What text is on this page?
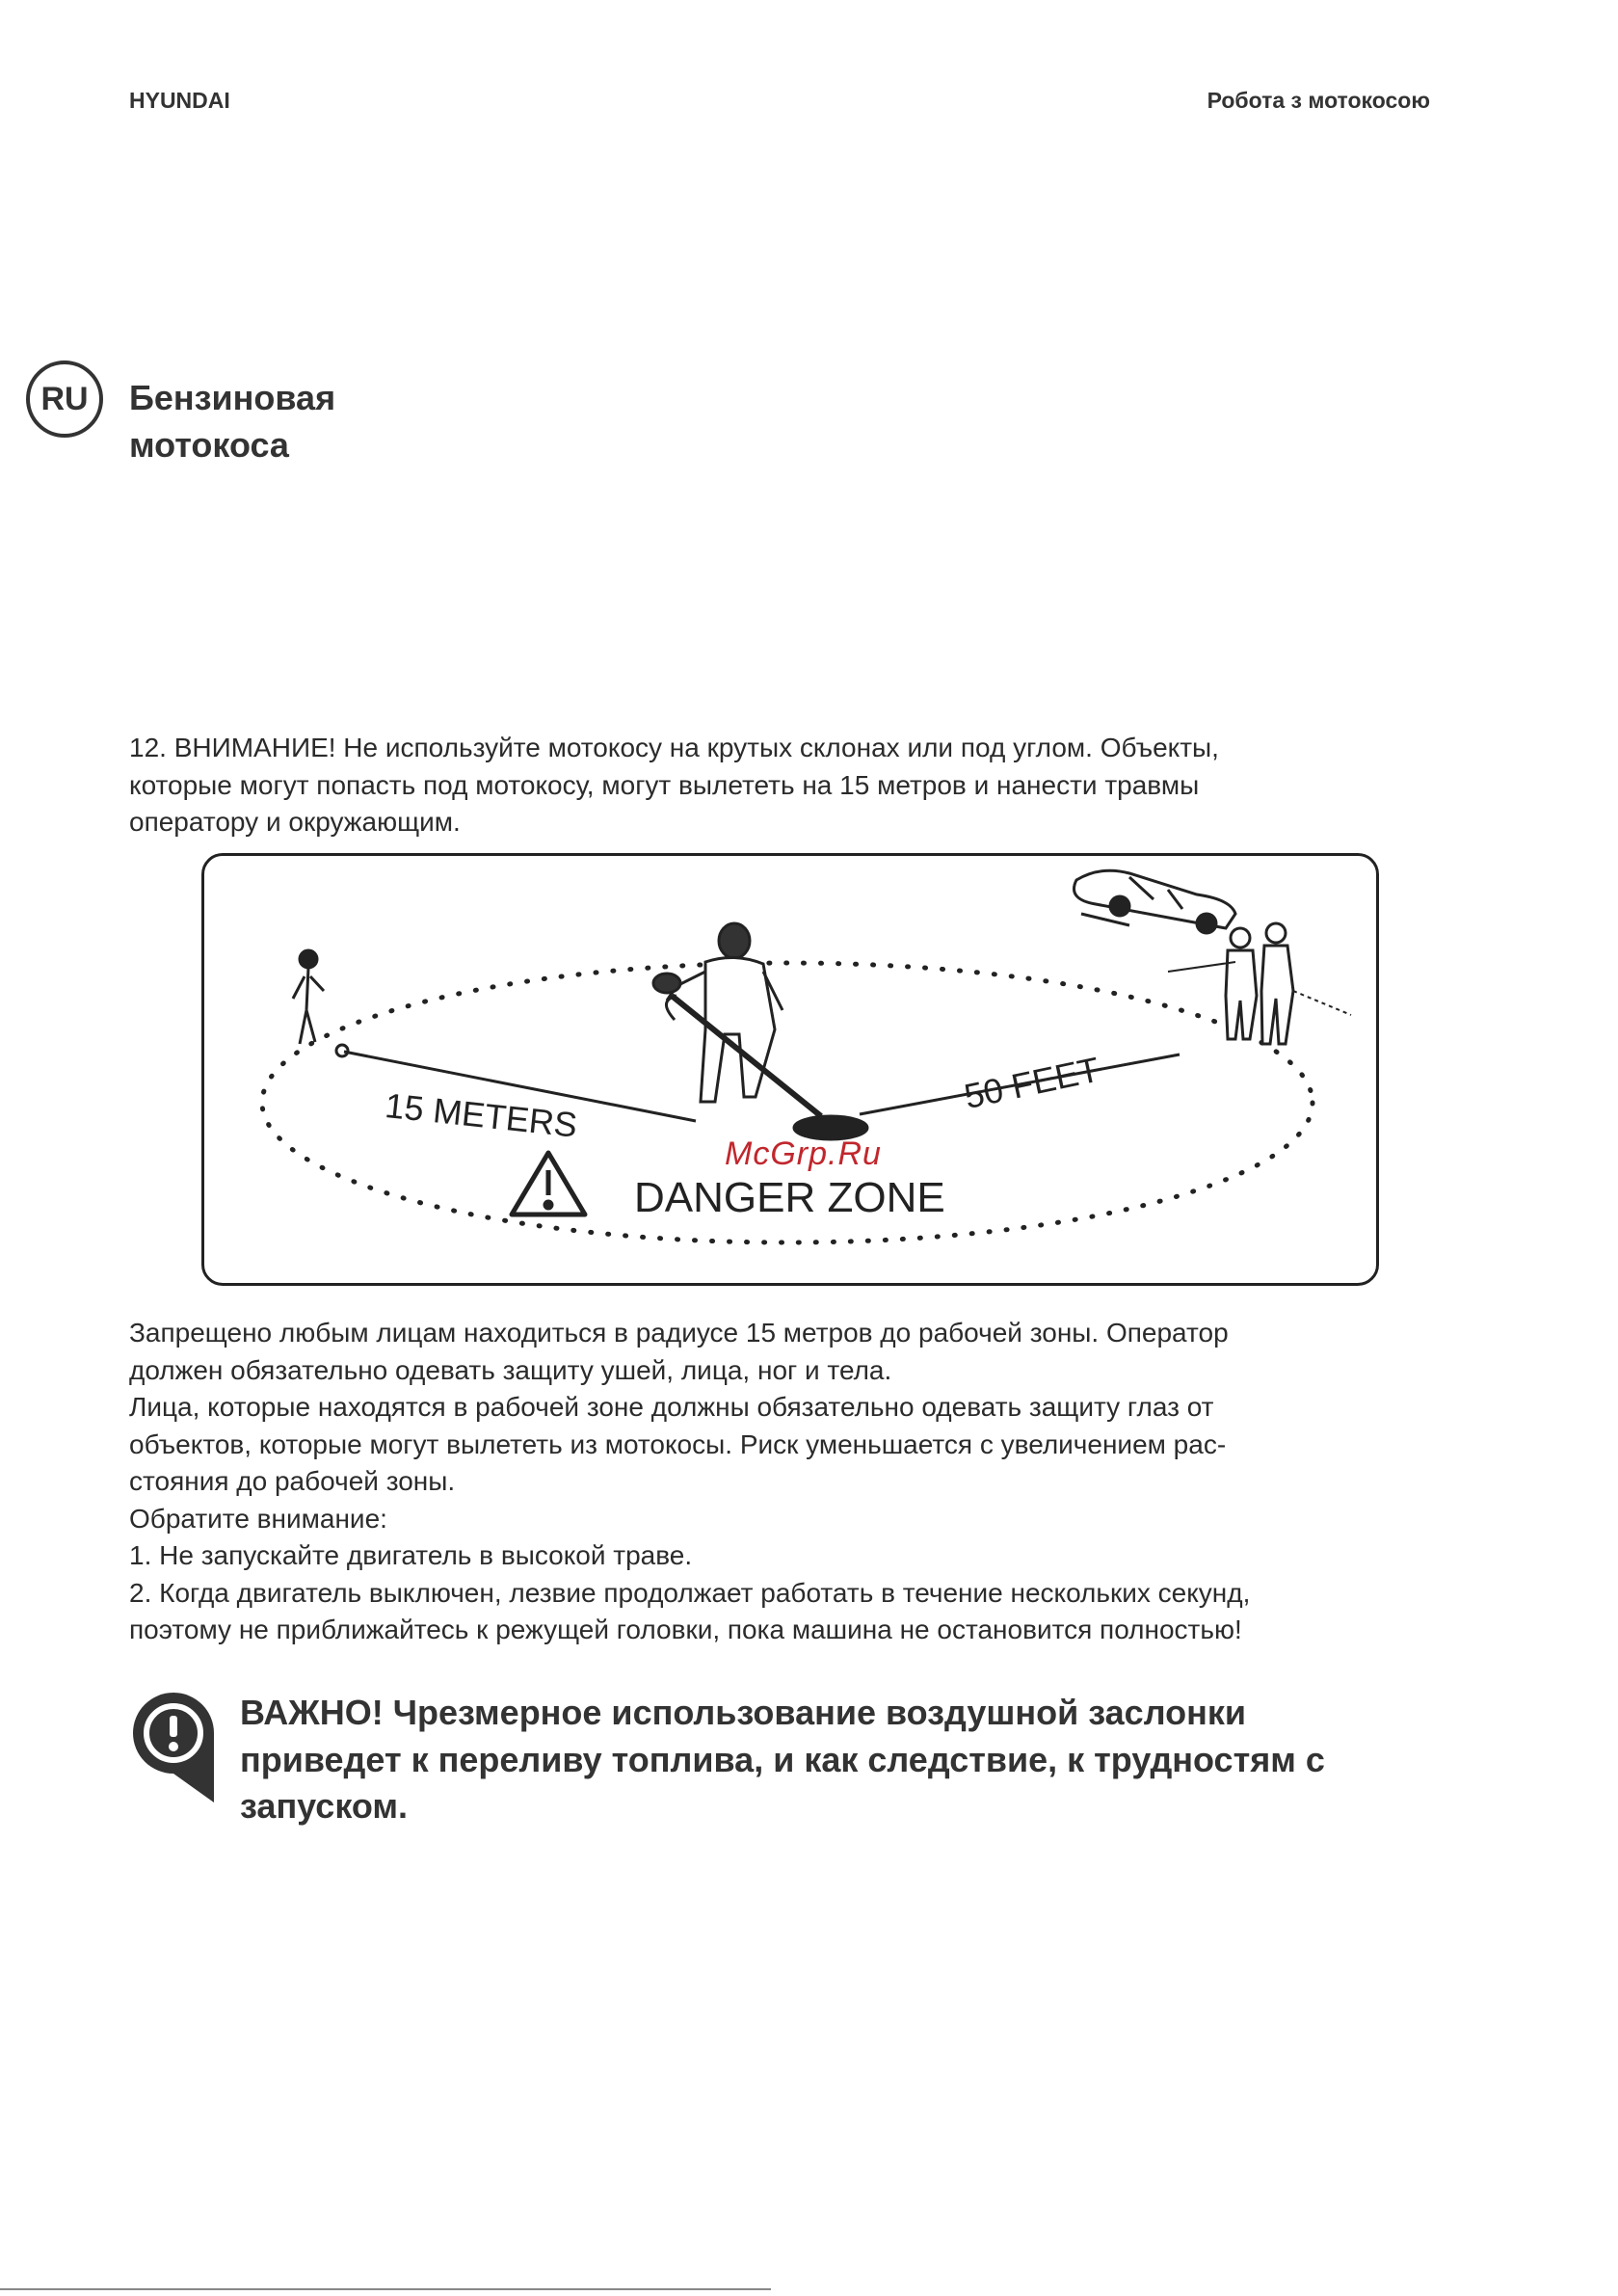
HYUNDAI	Робота з мотокосою
RU	Бензиновая
мотокоса
12. ВНИМАНИЕ! Не используйте мотокосу на крутых склонах или под углом. Объекты,
которые могут попасть под мотокосу, могут вылететь на 15 метров и нанести травмы
оператору и окружающим.
15 METERS	50 FEET
DANGER ZONE
McGrp.Ru
Запрещено любым лицам находиться в радиусе 15 метров до рабочей зоны. Оператор
должен обязательно одевать защиту ушей, лица, ног и тела.
Лица, которые находятся в рабочей зоне должны обязательно одевать защиту глаз от
объектов, которые могут вылететь из мотокосы. Риск уменьшается с увеличением рас-
стояния до рабочей зоны.
Обратите внимание:
1. Не запускайте двигатель в высокой траве.
2. Когда двигатель выключен, лезвие продолжает работать в течение нескольких секунд,
поэтому не приближайтесь к режущей головки, пока машина не остановится полностью!
ВАЖНО! Чрезмерное использование воздушной заслонки
приведет к переливу топлива, и как следствие, к трудностям с
запуском.
